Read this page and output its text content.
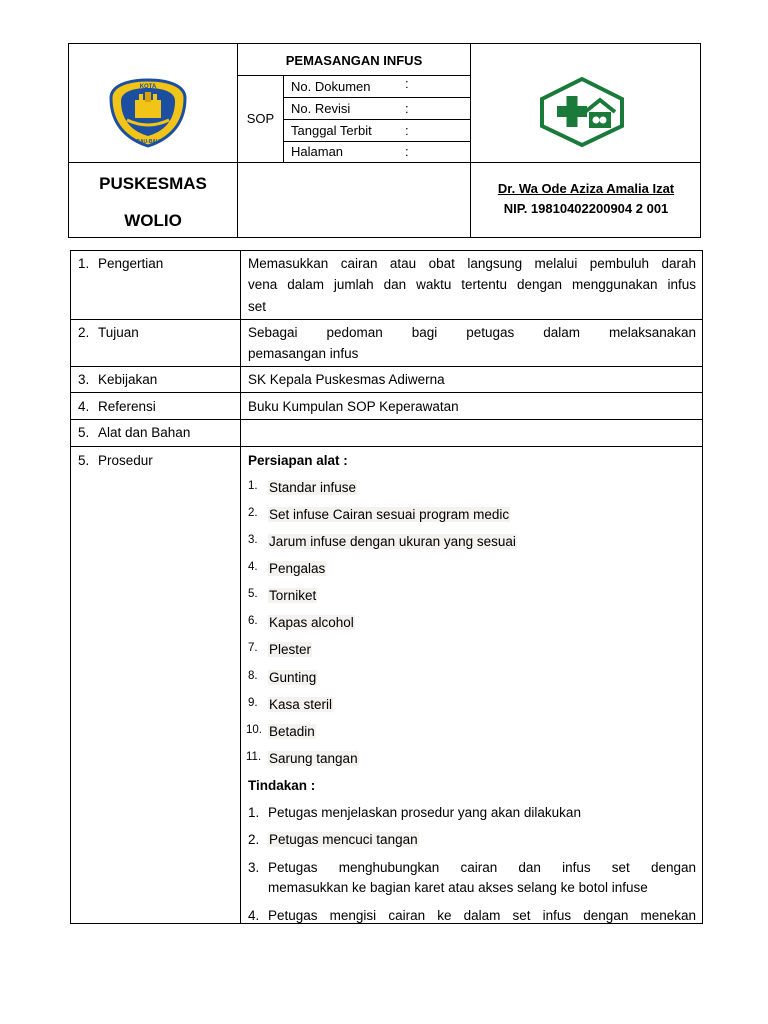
KOTA
BAU-BAU
PEMASANGAN INFUS
SOP
No. Dokumen	:
No. Revisi	:
Tanggal Terbit	:
Halaman	:
PUSKESMAS
WOLIO
Dr. Wa Ode Aziza Amalia Izat
NIP. 19810402200904 2 001
1. Pengertian	Memasukkan cairan atau obat langsung melalui pembuluh darah
vena dalam jumlah dan waktu tertentu dengan menggunakan infus
set
2. Tujuan	Sebagai pedoman bagi petugas dalam melaksanakan
pemasangan infus
3. Kebijakan	SK Kepala Puskesmas Adiwerna
4. Referensi	Buku Kumpulan SOP Keperawatan
5. Alat dan Bahan
5. Prosedur	Persiapan alat :
1. Standar infuse
2. Set infuse Cairan sesuai program medic
3. Jarum infuse dengan ukuran yang sesuai
4. Pengalas
5. Torniket
6. Kapas alcohol
7. Plester
8. Gunting
9. Kasa steril
10. Betadin
11. Sarung tangan
Tindakan :
1. Petugas menjelaskan prosedur yang akan dilakukan
2. Petugas mencuci tangan
3. Petugas menghubungkan cairan dan infus set dengan
memasukkan ke bagian karet atau akses selang ke botol infuse
4. Petugas mengisi cairan ke dalam set infus dengan menekan
